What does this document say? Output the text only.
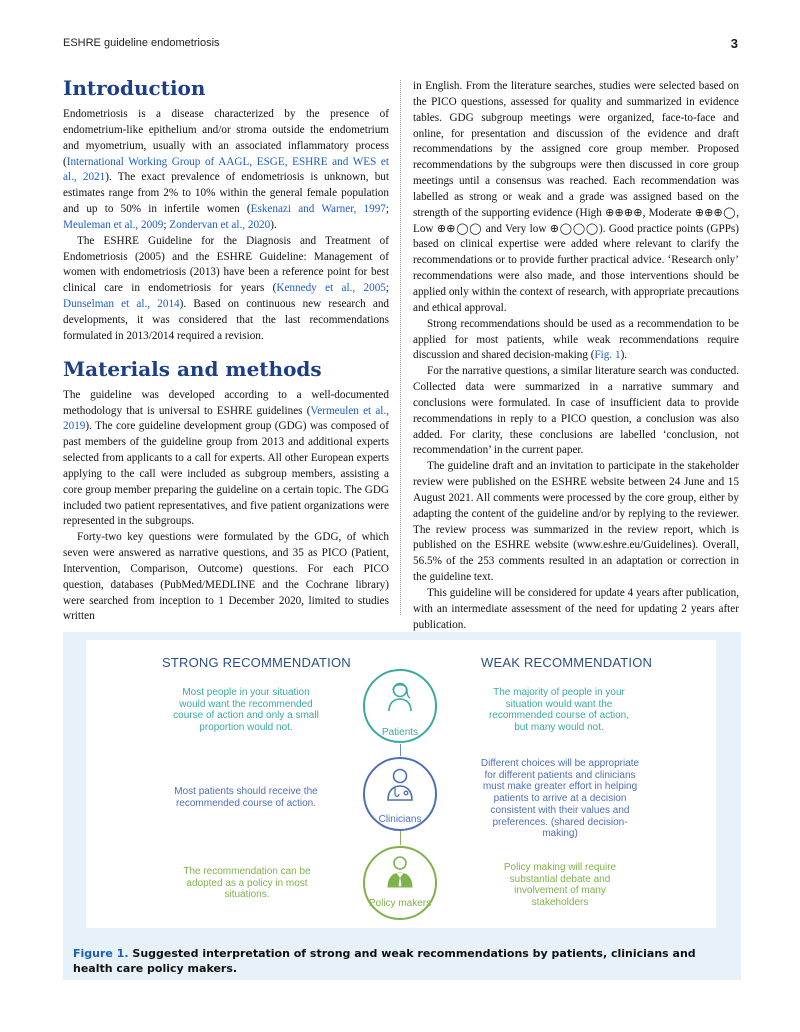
ESHRE guideline endometriosis	3
Introduction

Endometriosis is a disease characterized by the presence of endometrium-like epithelium and/or stroma outside the endometrium and myometrium, usually with an associated inflammatory process (International Working Group of AAGL, ESGE, ESHRE and WES et al., 2021). The exact prevalence of endometriosis is unknown, but estimates range from 2% to 10% within the general female population and up to 50% in infertile women (Eskenazi and Warner, 1997; Meuleman et al., 2009; Zondervan et al., 2020).

The ESHRE Guideline for the Diagnosis and Treatment of Endometriosis (2005) and the ESHRE Guideline: Management of women with endometriosis (2013) have been a reference point for best clinical care in endometriosis for years (Kennedy et al., 2005; Dunselman et al., 2014). Based on continuous new research and developments, it was considered that the last recommendations formulated in 2013/2014 required a revision.

Materials and methods

The guideline was developed according to a well-documented methodology that is universal to ESHRE guidelines (Vermeulen et al., 2019). The core guideline development group (GDG) was composed of past members of the guideline group from 2013 and additional experts selected from applicants to a call for experts. All other European experts applying to the call were included as subgroup members, assisting a core group member preparing the guideline on a certain topic. The GDG included two patient representatives, and five patient organizations were represented in the subgroups.

Forty-two key questions were formulated by the GDG, of which seven were answered as narrative questions, and 35 as PICO (Patient, Intervention, Comparison, Outcome) questions. For each PICO question, databases (PubMed/MEDLINE and the Cochrane library) were searched from inception to 1 December 2020, limited to studies written

in English. From the literature searches, studies were selected based on the PICO questions, assessed for quality and summarized in evidence tables. GDG subgroup meetings were organized, face-to-face and online, for presentation and discussion of the evidence and draft recommendations by the assigned core group member. Proposed recommendations by the subgroups were then discussed in core group meetings until a consensus was reached. Each recommendation was labelled as strong or weak and a grade was assigned based on the strength of the supporting evidence (High ⊕⊕⊕⊕, Moderate ⊕⊕⊕◯, Low ⊕⊕◯◯ and Very low ⊕◯◯◯). Good practice points (GPPs) based on clinical expertise were added where relevant to clarify the recommendations or to provide further practical advice. ‘Research only’ recommendations were also made, and those interventions should be applied only within the context of research, with appropriate precautions and ethical approval.

Strong recommendations should be used as a recommendation to be applied for most patients, while weak recommendations require discussion and shared decision-making (Fig. 1).

For the narrative questions, a similar literature search was conducted. Collected data were summarized in a narrative summary and conclusions were formulated. In case of insufficient data to provide recommendations in reply to a PICO question, a conclusion was also added. For clarity, these conclusions are labelled ‘conclusion, not recommendation’ in the current paper.

The guideline draft and an invitation to participate in the stakeholder review were published on the ESHRE website between 24 June and 15 August 2021. All comments were processed by the core group, either by adapting the content of the guideline and/or by replying to the reviewer. The review process was summarized in the review report, which is published on the ESHRE website (www.eshre.eu/Guidelines). Overall, 56.5% of the 253 comments resulted in an adaptation or correction in the guideline text.

This guideline will be considered for update 4 years after publication, with an intermediate assessment of the need for updating 2 years after publication.

STRONG RECOMMENDATION	WEAK RECOMMENDATION
Most people in your situation would want the recommended course of action and only a small proportion would not.	Patients
The majority of people in your situation would want the recommended course of action, but many would not.
Most patients should receive the recommended course of action.
Clinicians
Different choices will be appropriate for different patients and clinicians must make greater effort in helping patients to arrive at a decision consistent with their values and preferences. (shared decision- making)
The recommendation can be adopted as a policy in most situations.
Policy makers
Policy making will require substantial debate and involvement of many stakeholders
Figure 1. Suggested interpretation of strong and weak recommendations by patients, clinicians and health care policy makers.
